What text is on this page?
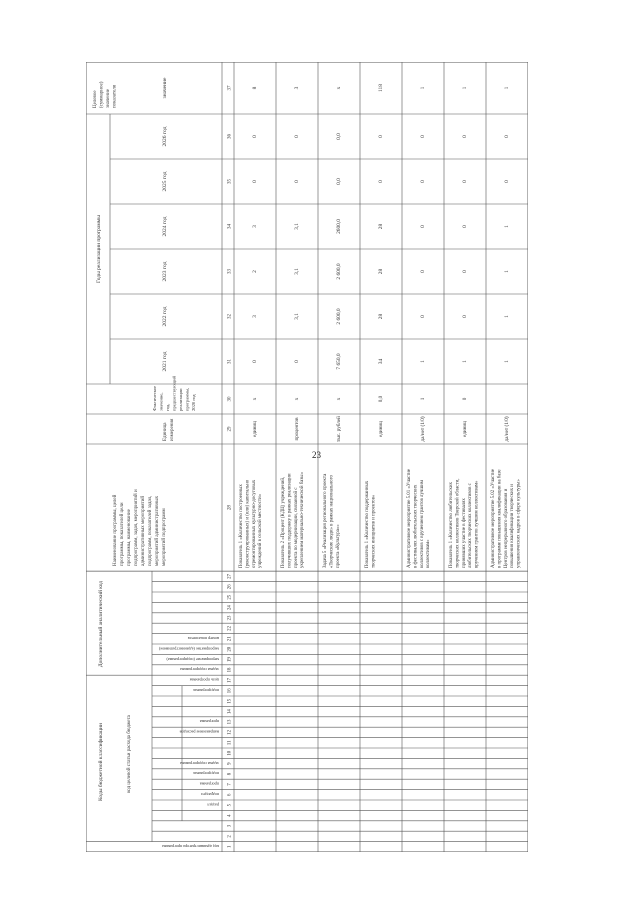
23
Коды бюджетной классификации
Дополнительный аналитический код
Годы реализации программы
Целевое (суммарное) значение показателя
код целевой статьи расхода бюджета
код администратора программы
раздел
подраздел
программа
подпрограмма
задача подпрограммы
направление расходов
программа
подпрограмма
цель программы
задача подпрограммы
мероприятие (подпрограмма)
мероприятие (административное)
номер показателя
Наименование программы, целей программы, показателей цели программы, наименование подпрограмм, задач, мероприятий и административных мероприятий подпрограмм, показателей задач, мероприятий административных мероприятий подпрограмм
Единица измерения
Фактическое значение, год, предшествующий реализации программы, 2020 год
2021 год
2022 год
2023 год
2024 год
2025 год
2026 год
значение
1
2
3
4
5
6
7
8
9
10
11
12
13
14
15
16
17
18
19
20
21
22
23
24
25
26
27
28
29
30
31
32
33
34
35
36
37
Показатель 1 «Количество построенных (реконструированных) и (или) капитально отремонтированных культурно-досуговых учреждений в сельской местности»
единиц
х
0
3
2
3
0
0
8
Показатель 2 «Процент (КДЦ) учреждений, получивших поддержку в рамках реализации проекта по модернизации, связанной с укреплением материально-технической базы»
процентов
х
0
3,1
3,1
3,1
0
0
3
Задача 5 «Реализация регионального проекта «Творческие люди» в рамках национального проекта «Культура»»
тыс. рублей
х
7 650,0
2 600,0
2 600,0
2600,0
0,0
0,0
х
Показатель 1 «Количество поддержанных творческих инициатив и проектов»
единиц
0,0
34
28
28
28
0
0
118
Административное мероприятие 5.01 «Участие в фестивалях любительских творческих коллективов с вручением грантов лучшим коллективам»
да/нет (1/0)
1
1
0
0
0
0
0
1
Показатель 1 «Количество любительских творческих коллективов Тверской области, принявших участие в фестивалях любительских творческих коллективов с вручением грантов лучшим коллективам»
единиц
0
1
0
0
0
0
0
1
Административное мероприятие 5.02 «Участие в программе повышения квалификации на базе Центров непрерывного образования и повышения квалификации творческих и управленческих кадров в сфере культуры»
да/нет (1/0)
1
1
1
1
0
0
1
